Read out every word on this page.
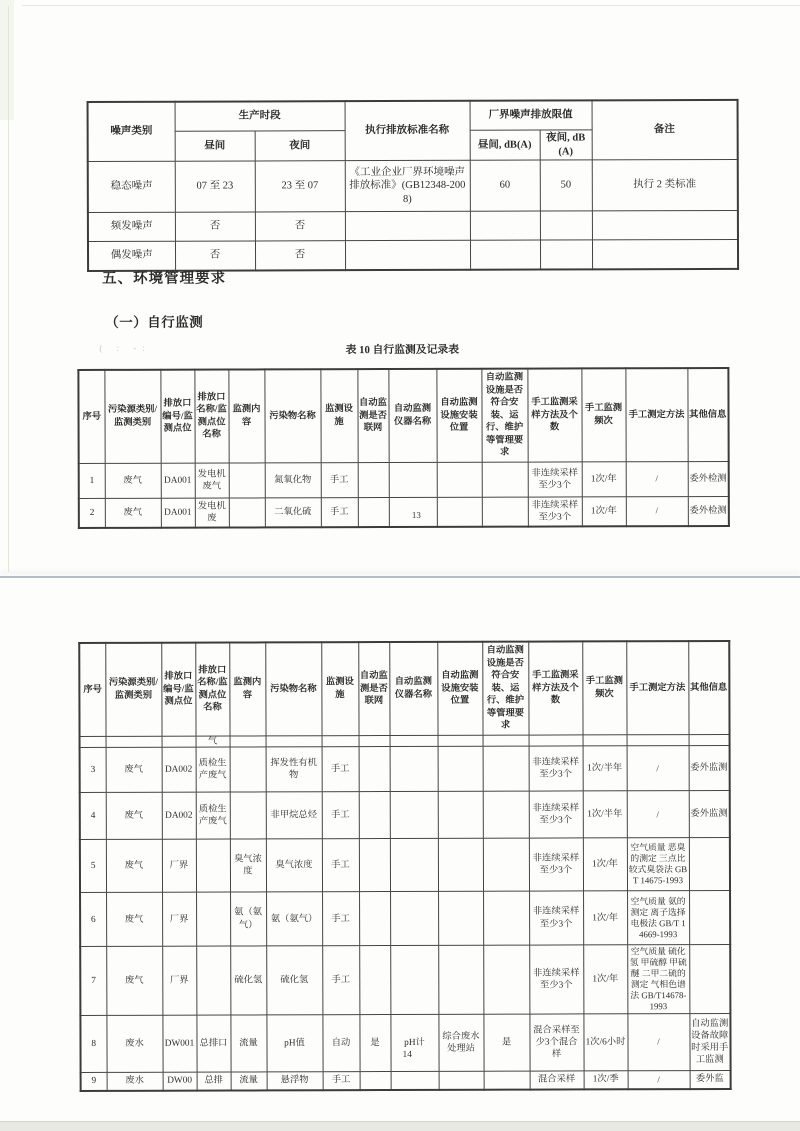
噪声类别	生产时段		执行排放标准名称	厂界噪声排放限值		备注
	昼间	夜间		昼间, dB(A)	夜间, dB(A)	
稳态噪声	07 至 23	23 至 07	《工业企业厂界环境噪声排放标准》(GB12348-2008)	60	50	执行 2 类标准
频发噪声	否	否				
偶发噪声	否	否				
五、环境管理要求
（一）自行监测
( : -:	表 10 自行监测及记录表
序号	污染源类别/监测类别	排放口编号/监测点位	排放口名称/监测点位名称	监测内容	污染物名称	监测设施	自动监测是否联网	自动监测仪器名称	自动监测设施安装位置	自动监测设施是否符合安装、运行、维护等管理要求	手工监测采样方法及个数	手工监测频次	手工测定方法	其他信息
1	废气	DA001	发电机废气		氮氧化物	手工					非连续采样至少3个	1次/年	/	委外检测
2	废气	DA001	发电机废		二氧化硫	手工					非连续采样至少3个	1次/年	/	委外检测
13
序号	污染源类别/监测类别	排放口编号/监测点位	排放口名称/监测点位名称	监测内容	污染物名称	监测设施	自动监测是否联网	自动监测仪器名称	自动监测设施安装位置	自动监测设施是否符合安装、运行、维护等管理要求	手工监测采样方法及个数	手工监测频次	手工测定方法	其他信息
			气											
3	废气	DA002	质检生产废气		挥发性有机物	手工					非连续采样至少3个	1次/半年	/	委外监测
4	废气	DA002	质检生产废气		非甲烷总烃	手工					非连续采样至少3个	1次/半年	/	委外监测
5	废气	厂界		臭气浓度	臭气浓度	手工					非连续采样至少3个	1次/年	空气质量 恶臭的测定 三点比较式臭袋法 GB T 14675-1993	
6	废气	厂界		氨（氨气）	氨（氨气）	手工					非连续采样至少3个	1次/年	空气质量 氨的测定 离子选择电极法 GB/T 14669-1993	
7	废气	厂界		硫化氢	硫化氢	手工					非连续采样至少3个	1次/年	空气质量 硫化氢 甲硫醇 甲硫醚 二甲二硫的测定 气相色谱法 GB/T14678-1993	
8	废水	DW001	总排口	流量	pH值	自动	是	pH计	综合废水处理站	是	混合采样至少3个混合样	1次/6小时	/	自动监测设备故障时采用手工监测
9	废水	DW00	总排	流量	悬浮物	手工					混合采样	1次/季	/	委外监
14
